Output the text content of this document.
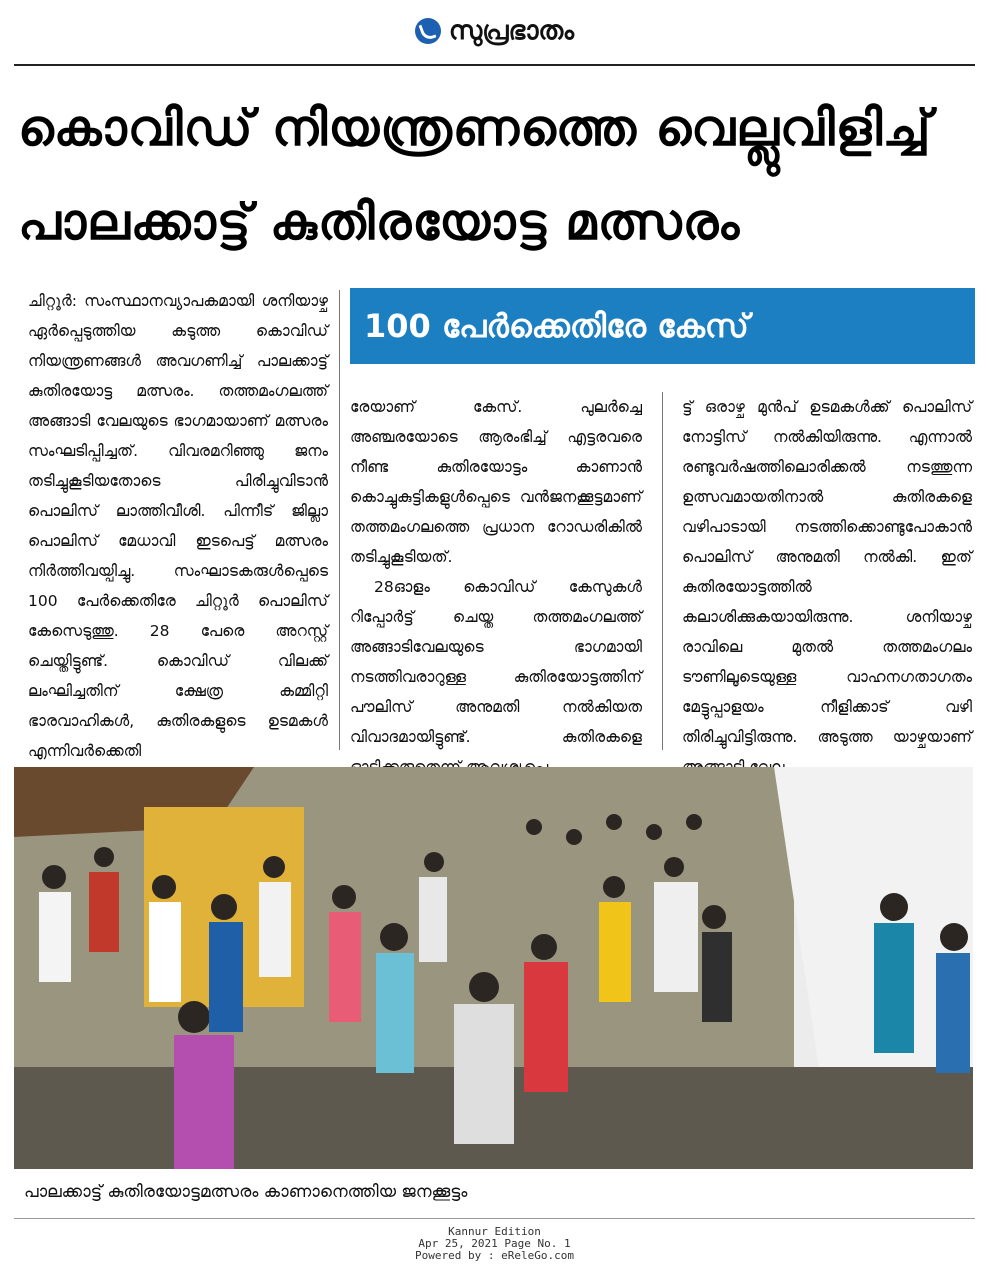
സുപ്രഭാതം
കൊവിഡ് നിയന്ത്രണത്തെ വെല്ലുവിളിച്ച്
പാലക്കാട്ട് കുതിരയോട്ട മത്സരം

ചിറ്റൂർ: സംസ്ഥാനവ്യാപകമായി ശനിയാഴ്ച ഏർപ്പെടുത്തിയ കടുത്ത കൊവിഡ് നിയന്ത്രണങ്ങൾ അവഗണിച്ച് പാലക്കാട്ട് കുതിരയോട്ട മത്സരം. തത്തമംഗലത്ത് അങ്ങാടി വേലയുടെ ഭാഗമായാണ് മത്സരം സംഘടിപ്പിച്ചത്. വിവരമറിഞ്ഞു ജനം തടിച്ചുകൂടിയതോടെ പിരിച്ചുവിടാൻ പൊലിസ് ലാത്തിവീശി. പിന്നീട് ജില്ലാ പൊലിസ് മേധാവി ഇടപെട്ട് മത്സരം നിർത്തിവയ്പിച്ചു. സംഘാടകരുൾപ്പെടെ 100 പേർക്കെതിരേ ചിറ്റൂർ പൊലിസ് കേസെടുത്തു. 28 പേരെ അറസ്റ്റ് ചെയ്തിട്ടുണ്ട്. കൊവിഡ് വിലക്ക് ലംഘിച്ചതിന് ക്ഷേത്ര കമ്മിറ്റി ഭാരവാഹികൾ, കുതിരകളുടെ ഉടമകൾ എന്നിവർക്കെതി

100 പേർക്കെതിരേ കേസ്

രേയാണ് കേസ്. പുലർച്ചെ അഞ്ചരയോടെ ആരംഭിച്ച് എട്ടരവരെ നീണ്ട കുതിരയോട്ടം കാണാൻ കൊച്ചുകുട്ടികളുൾപ്പെടെ വൻജനക്കൂട്ടമാണ് തത്തമംഗലത്തെ പ്രധാന റോഡരികിൽ തടിച്ചുകൂടിയത്.

28ഓളം കൊവിഡ് കേസുകൾ റിപ്പോർട്ട് ചെയ്ത തത്തമംഗലത്ത് അങ്ങാടിവേലയുടെ ഭാഗമായി നടത്തിവരാറുള്ള കുതിരയോട്ടത്തിന് പൗലിസ് അനുമതി നൽകിയത വിവാദമായിട്ടുണ്ട്. കുതിരകളെ

ട്ട് ഒരാഴ്ച മുൻപ് ഉടമകൾക്ക് പൊലിസ് നോട്ടിസ് നൽകിയിരുന്നു. എന്നാൽ രണ്ടുവർഷത്തിലൊരിക്കൽ നടത്തുന്ന ഉത്സവമായതിനാൽ കുതിരകളെ വഴിപാടായി നടത്തിക്കൊണ്ടുപോകാൻ പൊലിസ് അനുമതി നൽകി. ഇത് കുതിരയോട്ടത്തിൽ കലാശിക്കുകയായിരുന്നു. ശനിയാഴ്ച രാവിലെ മുതൽ തത്തമംഗലം ടൗണിലൂടെയുള്ള വാഹനഗതാഗതം മേട്ടുപ്പാളയം നീളിക്കാട് വഴി തിരിച്ചുവിട്ടിരുന്നു. അടുത്ത യാഴ്ചയാണ്

പാലക്കാട്ട് കുതിരയോട്ടമത്സരം കാണാനെത്തിയ ജനക്കൂട്ടം
Kannur Edition
Apr 25, 2021 Page No. 1
Powered by : eReleGo.com
